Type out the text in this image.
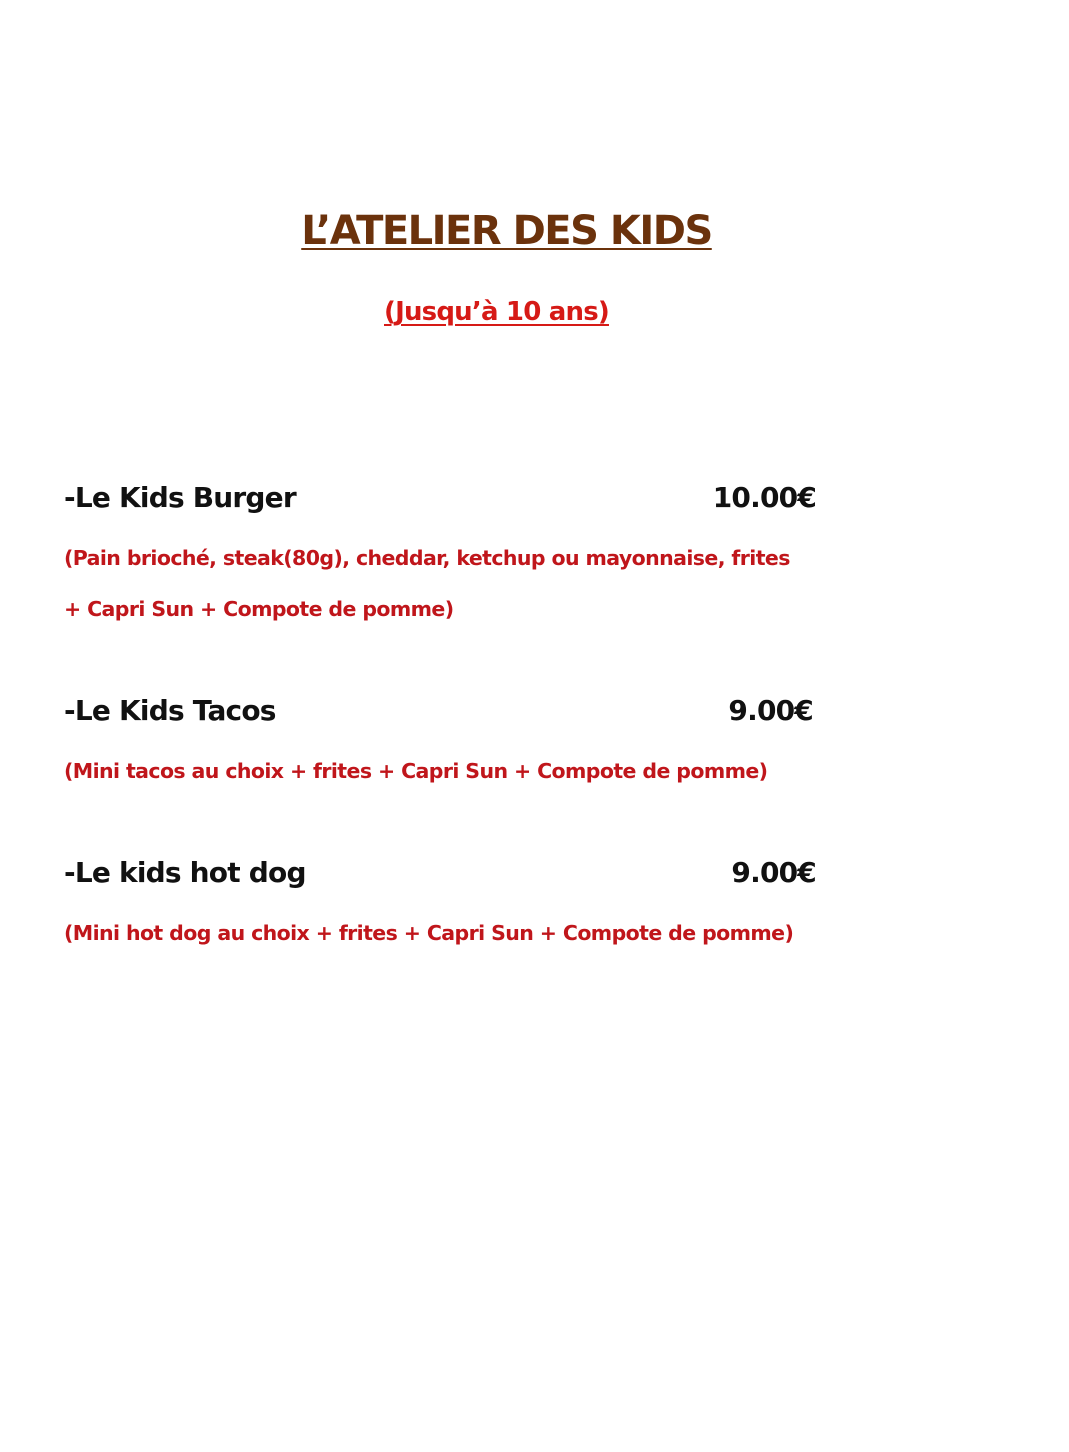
L’ATELIER DES KIDS
(Jusqu’à 10 ans)
-Le Kids Burger	10.00€
(Pain brioché, steak(80g), cheddar, ketchup ou mayonnaise, frites
+ Capri Sun + Compote de pomme)
-Le Kids Tacos	9.00€
(Mini tacos au choix + frites + Capri Sun + Compote de pomme)
-Le kids hot dog	9.00€
(Mini hot dog au choix + frites + Capri Sun + Compote de pomme)
